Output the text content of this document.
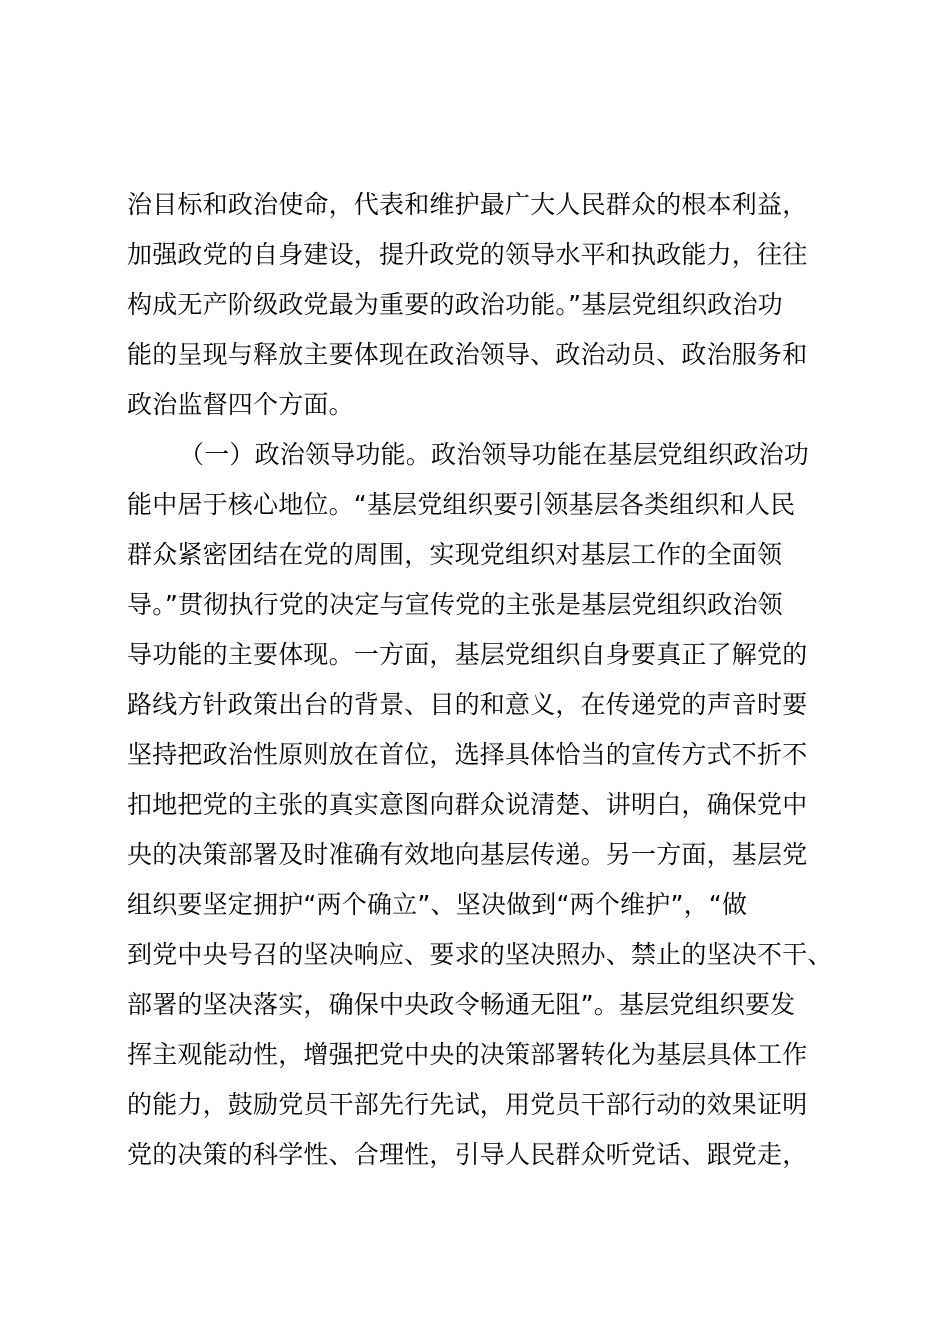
治目标和政治使命，代表和维护最广大人民群众的根本利益，
加强政党的自身建设，提升政党的领导水平和执政能力，往往
构成无产阶级政党最为重要的政治功能。”基层党组织政治功
能的呈现与释放主要体现在政治领导、政治动员、政治服务和
政治监督四个方面。
（一）政治领导功能。政治领导功能在基层党组织政治功
能中居于核心地位。“基层党组织要引领基层各类组织和人民
群众紧密团结在党的周围，实现党组织对基层工作的全面领
导。”贯彻执行党的决定与宣传党的主张是基层党组织政治领
导功能的主要体现。一方面，基层党组织自身要真正了解党的
路线方针政策出台的背景、目的和意义，在传递党的声音时要
坚持把政治性原则放在首位，选择具体恰当的宣传方式不折不
扣地把党的主张的真实意图向群众说清楚、讲明白，确保党中
央的决策部署及时准确有效地向基层传递。另一方面，基层党
组织要坚定拥护“两个确立”、坚决做到“两个维护”，“做
到党中央号召的坚决响应、要求的坚决照办、禁止的坚决不干、
部署的坚决落实，确保中央政令畅通无阻”。基层党组织要发
挥主观能动性，增强把党中央的决策部署转化为基层具体工作
的能力，鼓励党员干部先行先试，用党员干部行动的效果证明
党的决策的科学性、合理性，引导人民群众听党话、跟党走，
